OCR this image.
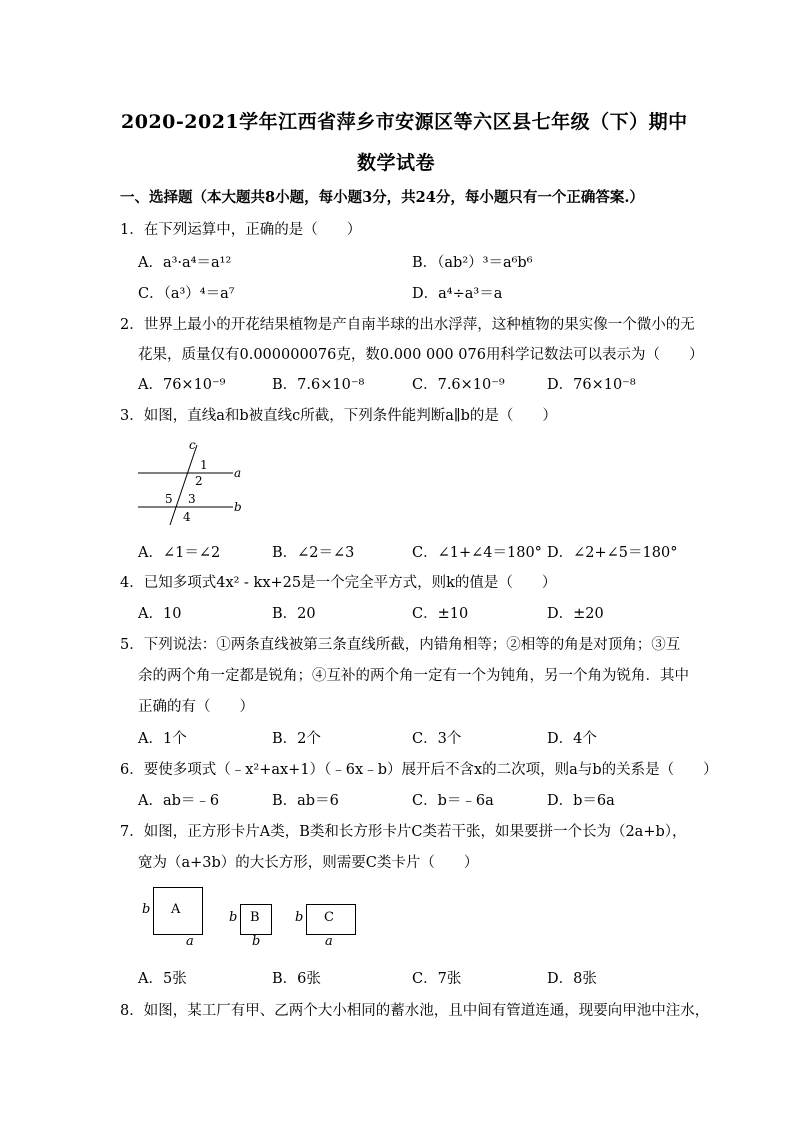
2020-2021学年江西省萍乡市安源区等六区县七年级（下）期中
数学试卷
一、选择题（本大题共8小题，每小题3分，共24分，每小题只有一个正确答案.）
1．在下列运算中，正确的是（　　）
A．a³·a⁴＝a¹²	B．（ab²）³＝a⁶b⁶
C．（a³）⁴＝a⁷	D．a⁴÷a³＝a
2．世界上最小的开花结果植物是产自南半球的出水浮萍，这种植物的果实像一个微小的无
花果，质量仅有0.000000076克，数0.000 000 076用科学记数法可以表示为（　　）
A．76×10⁻⁹	B．7.6×10⁻⁸	C．7.6×10⁻⁹	D．76×10⁻⁸
3．如图，直线a和b被直线c所截，下列条件能判断a∥b的是（　　）
c
1
2
a
5 3
4
b
A．∠1＝∠2	B．∠2＝∠3	C．∠1+∠4＝180° D．∠2+∠5＝180°
4．已知多项式4x² - kx+25是一个完全平方式，则k的值是（　　）
A．10	B．20	C．±10	D．±20
5．下列说法：①两条直线被第三条直线所截，内错角相等；②相等的角是对顶角；③互
余的两个角一定都是锐角；④互补的两个角一定有一个为钝角，另一个角为锐角．其中
正确的有（　　）
A．1个	B．2个	C．3个	D．4个
6．要使多项式（﹣x²+ax+1）（﹣6x﹣b）展开后不含x的二次项，则a与b的关系是（　　）
A．ab＝﹣6	B．ab＝6	C．b＝﹣6a	D．b＝6a
7．如图，正方形卡片A类，B类和长方形卡片C类若干张，如果要拼一个长为（2a+b），
宽为（a+3b）的大长方形，则需要C类卡片（　　）
A
b
a
B
b
b
C
b
a
A．5张	B．6张	C．7张	D．8张
8．如图，某工厂有甲、乙两个大小相同的蓄水池，且中间有管道连通，现要向甲池中注水，
